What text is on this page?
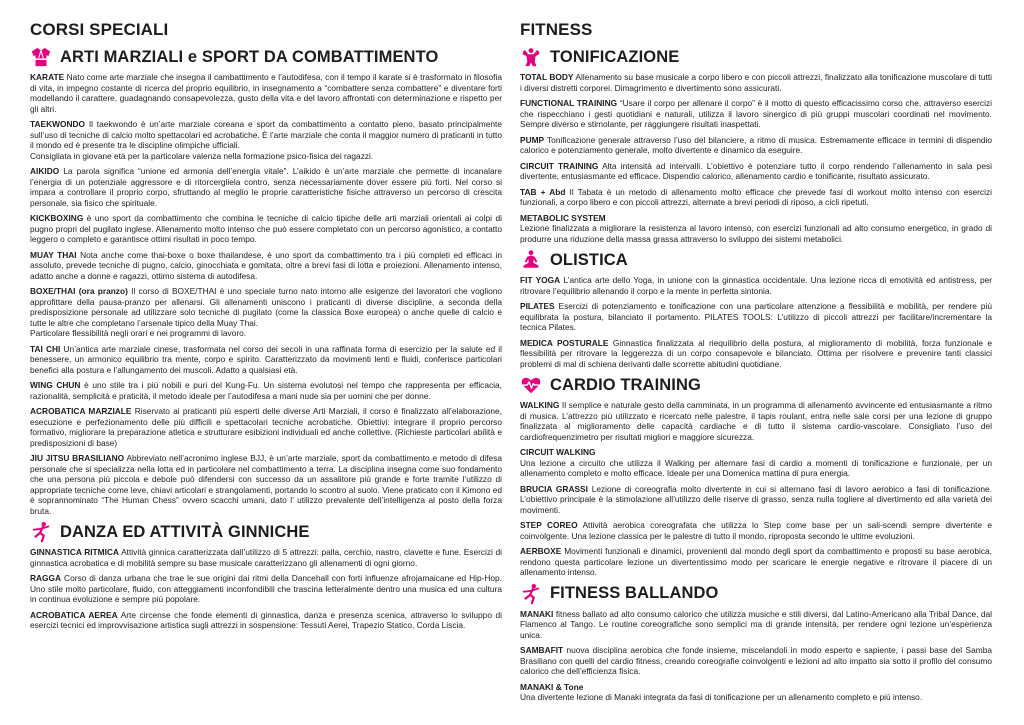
CORSI SPECIALI
ARTI MARZIALI e SPORT DA COMBATTIMENTO

KARATE Nato come arte marziale che insegna il cambattimento e l’autodifesa, con il tempo il karate si è trasformato in filosofia di vita, in impegno costante di ricerca del proprio equilibrio, in insegnamento a “combattere senza combattere” e diventare forti modellando il carattere, guadagnando consapevolezza, gusto della vita e del lavoro affrontati con determinazione e rispetto per gli altri.

TAEKWONDO Il taekwondo è un’arte marziale coreana e sport da combattimento a contatto pieno, basato principalmente sull’uso di tecniche di calcio molto spettacolari ed acrobatiche. È l’arte marziale che conta il maggior numero di praticanti in tutto il mondo ed è presente tra le discipline olimpiche ufficiali.
Consigliata in giovane età per la particolare valenza nella formazione psico-fisica dei ragazzi.

AIKIDO La parola significa “unione ed armonia dell’energia vitale”. L’aikido è un’arte marziale che permette di incanalare l’energia di un potenziale aggressore e di ritorcergliela contro, senza necessariamente dover essere più forti. Nel corso si impara a controllare il proprio corpo, sfruttando al meglio le proprie caratteristiche fisiche attraverso un percorso di crescita personale, sia fisico che spirituale.

KICKBOXING è uno sport da combattimento che combina le tecniche di calcio tipiche delle arti marziali orientali ai colpi di pugno propri del pugilato inglese. Allenamento molto intenso che può essere completato con un percorso agonistico, a contatto leggero o completo e garantisce ottimi risultati in poco tempo.

MUAY THAI Nota anche come thai-boxe o boxe thailandese, è uno sport da combattimento tra i più completi ed efficaci in assoluto, prevede tecniche di pugno, calcio, ginocchiata e gomitata, oltre a brevi fasi di lotta e proiezioni. Allenamento intenso, adatto anche a donne e ragazzi, ottimo sistema di autodifesa.

BOXE/THAI (ora pranzo) Il corso di BOXE/THAI è uno speciale turno nato intorno alle esigenze dei lavoratori che vogliono approfittare della pausa-pranzo per allenarsi. Gli allenamenti uniscono i praticanti di diverse discipline, a seconda della predisposizione personale ad utilizzare solo tecniche di pugilato (come la classica Boxe europea) o anche quelle di calcio e tutte le altre che completano l’arsenale tipico della Muay Thai.
Particolare flessibilità negli orari e nei programmi di lavoro.

TAI CHI Un’antica arte marziale cinese, trasformata nel corso dei secoli in una raffinata forma di esercizio per la salute ed il benessere, un armonico equilibrio tra mente, corpo e spirito. Caratterizzato da movimenti lenti e fluidi, conferisce particolari benefici alla postura e l’allungamento dei muscoli. Adatto a qualsiasi età.

WING CHUN è uno stile tra i più nobili e puri del Kung-Fu. Un sistema evolutosi nel tempo che rappresenta per efficacia, razionalità, semplicità e praticità, il metodo ideale per l’autodifesa a mani nude sia per uomini che per donne.

ACROBATICA MARZIALE Riservato ai praticanti più esperti delle diverse Arti Marziali, il corso è finalizzato all’elaborazione, esecuzione e perfezionamento delle più difficili e spettacolari tecniche acrobatiche. Obiettivi: integrare il proprio percorso formativo, migliorare la preparazione atletica e strutturare esibizioni individuali ed anche collettive. (Richieste particolari abilità e predisposizioni di base)

JIU JITSU BRASILIANO Abbreviato nell’acronimo inglese BJJ, è un’arte marziale, sport da combattimento e metodo di difesa personale che si specializza nella lotta ed in particolare nel combattimento a terra. La disciplina insegna come suo fondamento che una persona più piccola e debole può difendersi con successo da un assalitore più grande e forte tramite l’utilizzo di appropriate tecniche come leve, chiavi articolari e strangolamenti, portando lo scontro al suolo. Viene praticato con il Kimono ed è soprannominato “The Human Chess” ovvero scacchi umani, dato l’ utilizzo prevalente dell’intelligenza al posto della forza bruta.

DANZA ED ATTIVITÀ GINNICHE

GINNASTICA RITMICA Attività ginnica caratterizzata dall’utilizzo di 5 attrezzi: palla, cerchio, nastro, clavette e fune. Esercizi di ginnastica acrobatica e di mobilità sempre su base musicale caratterizzano gli allenamenti di ogni giorno.

RAGGA Corso di danza urbana che trae le sue origini dai ritmi della Dancehall con forti influenze afrojamaicane ed Hip-Hop. Uno stile molto particolare, fluido, con atteggiamenti inconfondibili che trascina letteralmente dentro una musica ed una cultura in continua evoluzione e sempre più popolare.

ACROBATICA AEREA Arte circense che fonde elementi di ginnastica, danza e presenza scenica, attraverso lo sviluppo di esercizi tecnici ed improvvisazione artistica sugli attrezzi in sospensione: Tessuti Aerei, Trapezio Statico, Corda Liscia.

FITNESS
TONIFICAZIONE

TOTAL BODY Allenamento su base musicale a corpo libero e con piccoli attrezzi, finalizzato alla tonificazione muscolare di tutti i diversi distretti corporei. Dimagrimento e divertimento sono assicurati.

FUNCTIONAL TRAINING “Usare il corpo per allenare il corpo” è il motto di questo efficacissimo corso che, attraverso esercizi che rispecchiano i gesti quotidiani e naturali, utilizza il lavoro sinergico di più gruppi muscolari coordinati nel movimento. Sempre diverso e stimolante, per raggiungere risultati inaspettati.

PUMP Tonificazione generale attraverso l’uso del bilanciere, a ritmo di musica. Estremamente efficace in termini di dispendio calorico e potenziamento generale, molto divertente e dinamico da eseguire.

CIRCUIT TRAINING Alta intensità ad intervalli. L’obiettivo è potenziare tutto il corpo rendendo l’allenamento in sala pesi divertente, entusiasmante ed efficace. Dispendio calorico, allenamento cardio e tonificante, risultato assicurato.

TAB + Abd Il Tabata è un metodo di allenamento molto efficace che prevede fasi di workout molto intenso con esercizi funzionali, a corpo libero e con piccoli attrezzi, alternate a brevi periodi di riposo, a cicli ripetuti.

METABOLIC SYSTEM

Lezione finalizzata a migliorare la resistenza al lavoro intenso, con esercizi funzionali ad alto consumo energetico, in grado di produrre una riduzione della massa grassa attraverso lo sviluppo dei sistemi metabolici.

OLISTICA

FIT YOGA L’antica arte dello Yoga, in unione con la ginnastica occidentale. Una lezione ricca di emotività ed antistress, per ritrovare l’equilibrio allenando il corpo e la mente in perfetta sintonia.

PILATES Esercizi di potenziamento e tonificazione con una particolare attenzione a flessibilità e mobilità, per rendere più equilibrata la postura, bilanciato il portamento. PILATES TOOLS: L’utilizzo di piccoli attrezzi per facilitare/incrementare la tecnica Pilates.

MEDICA POSTURALE Ginnastica finalizzata al riequilibrio della postura, al miglioramento di mobilità, forza funzionale e flessibilità per ritrovare la leggerezza di un corpo consapevole e bilanciato. Ottima per risolvere e prevenire tanti classici problemi di mal di schiena derivanti dalle scorrette abitudini quotidiane.

CARDIO TRAINING

WALKING Il semplice e naturale gesto della camminata, in un programma di allenamento avvincente ed entusiasmante a ritmo di musica. L’attrezzo più utilizzato e ricercato nelle palestre, il tapis roulant, entra nelle sale corsi per una lezione di gruppo finalizzata al miglioramento delle capacità cardiache e di tutto il sistema cardio-vascolare. Consigliato l’uso del cardiofrequenzimetro per risultati migliori e maggiore sicurezza.

CIRCUIT WALKING

Una lezione a circuito che utilizza il Walking per alternare fasi di cardio a momenti di tonificazione e funzionale, per un allenamento completo e molto efficace. Ideale per una Domenica mattina di pura energia.

BRUCIA GRASSI Lezione di coreografia molto divertente in cui si alternano fasi di lavoro aerobico a fasi di tonificazione. L’obiettivo principale è la stimolazione all’utilizzo delle riserve di grasso, senza nulla togliere al divertimento ed alla varietà dei movimenti.

STEP COREO Attività aerobica coreografata che utilizza lo Step come base per un sali-scendi sempre divertente e coinvolgente. Una lezione classica per le palestre di tutto il mondo, riproposta secondo le ultime evoluzioni.

AERBOXE Movimenti funzionali e dinamici, provenienti dal mondo degli sport da combattimento e proposti su base aerobica, rendono questa particolare lezione un divertentissimo modo per scaricare le energie negative e ritrovare il piacere di un allenamento intenso.

FITNESS BALLANDO

MANAKI fitness ballato ad alto consumo calorico che utilizza musiche e stili diversi, dal Latino-Americano alla Tribal Dance, dal Flamenco al Tango. Le routine coreografiche sono semplici ma di grande intensità, per rendere ogni lezione un’esperienza unica.

SAMBAFIT nuova disciplina aerobica che fonde insieme, miscelandoli in modo esperto e sapiente, i passi base del Samba Brasiliano con quelli del cardio fitness, creando coreografie coinvolgenti e lezioni ad alto impatto sia sotto il profilo del consumo calorico che dell’efficienza fisica.

MANAKI & Tone

Una divertente lezione di Manaki integrata da fasi di tonificazione per un allenamento completo e più intenso.
